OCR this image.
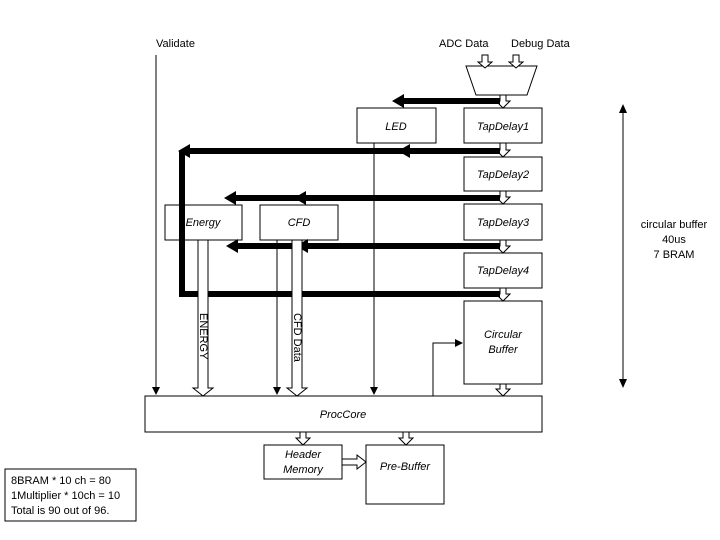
Validate	ADC Data Debug Data
LED	TapDelay1
TapDelay2
TapDelay3
TapDelay4
Circular
Buffer
Energy	CFD
ENERGY	CFD Data
ProcCore
Header
Memory	Pre-Buffer
circular buffer
40us
7 BRAM
8BRAM * 10 ch = 80
1Multiplier * 10ch = 10
Total is 90 out of 96.
